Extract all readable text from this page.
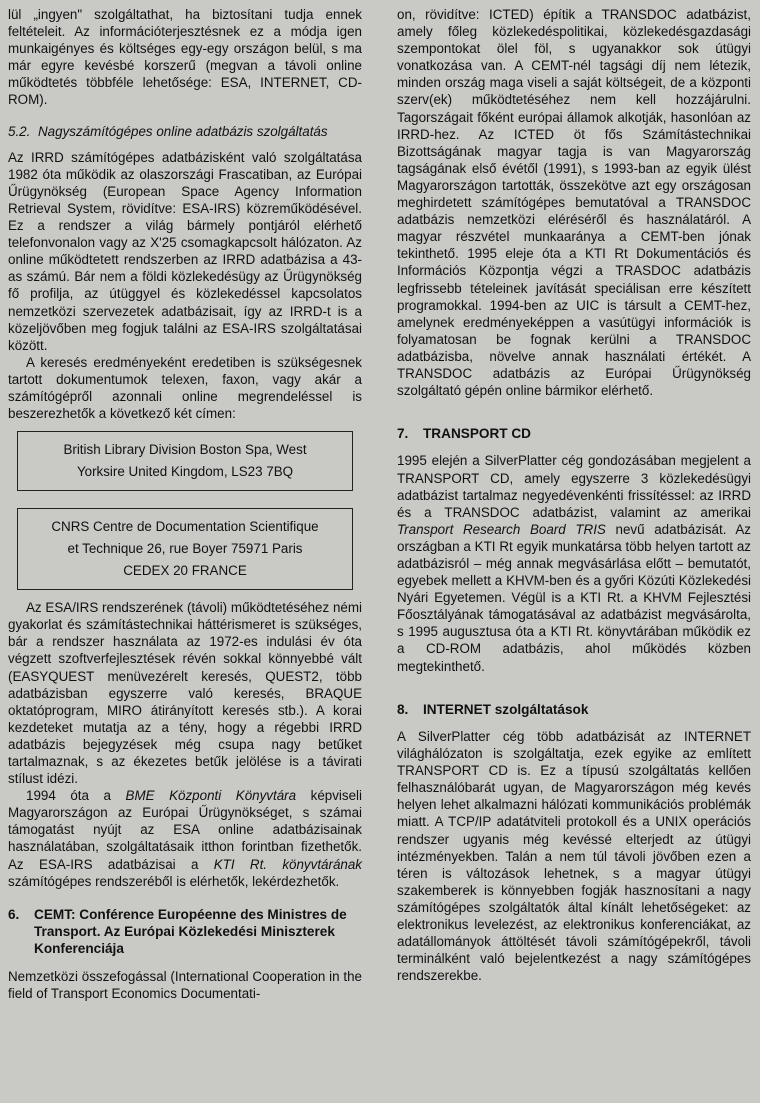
lül „ingyen" szolgáltathat, ha biztosítani tudja ennek feltételeit. Az információterjesztésnek ez a módja igen munkaigényes és költséges egy-egy országon belül, s ma már egyre kevésbé korszerű (megvan a távoli online működtetés többféle lehetősége: ESA, INTERNET, CD-ROM).

5.2. Nagyszámítógépes online adatbázis szolgáltatás

Az IRRD számítógépes adatbázisként való szolgáltatása 1982 óta működik az olaszországi Frascatiban, az Európai Űrügynökség (European Space Agency Information Retrieval System, rövidítve: ESA-IRS) közreműködésével. Ez a rendszer a világ bármely pontjáról elérhető telefonvonalon vagy az X'25 csomagkapcsolt hálózaton. Az online működtetett rendszerben az IRRD adatbázisa a 43-as számú. Bár nem a földi közlekedésügy az Űrügynökség fő profilja, az útüggyel és közlekedéssel kapcsolatos nemzetközi szervezetek adatbázisait, így az IRRD-t is a közeljövőben meg fogjuk találni az ESA-IRS szolgáltatásai között.

A keresés eredményeként eredetiben is szükségesnek tartott dokumentumok telexen, faxon, vagy akár a számítógépről azonnali online megrendeléssel is beszerezhetők a következő két címen:

British Library Division Boston Spa, West
Yorksire United Kingdom, LS23 7BQ
CNRS Centre de Documentation Scientifique
et Technique 26, rue Boyer 75971 Paris
CEDEX 20 FRANCE

Az ESA/IRS rendszerének (távoli) működtetéséhez némi gyakorlat és számítástechnikai háttérismeret is szükséges, bár a rendszer használata az 1972-es indulási év óta végzett szoftverfejlesztések révén sokkal könnyebbé vált (EASYQUEST menüvezérelt keresés, QUEST2, több adatbázisban egyszerre való keresés, BRAQUE oktatóprogram, MIRO átirányított keresés stb.). A korai kezdeteket mutatja az a tény, hogy a régebbi IRRD adatbázis bejegyzések még csupa nagy betűket tartalmaznak, s az ékezetes betűk jelölése is a távirati stílust idézi.

1994 óta a BME Központi Könyvtára képviseli Magyarországon az Európai Űrügynökséget, s számai támogatást nyújt az ESA online adatbázisainak használatában, szolgáltatásaik itthon forintban fizethetők. Az ESA-IRS adatbázisai a KTI Rt. könyvtárának számítógépes rendszeréből is elérhetők, lekérdezhetők.

6.	CEMT: Conférence Européenne des Ministres de Transport. Az Európai Közlekedési Miniszterek Konferenciája

Nemzetközi összefogással (International Cooperation in the field of Transport Economics Documentati-

on, rövidítve: ICTED) építik a TRANSDOC adatbázist, amely főleg közlekedéspolitikai, közlekedésgazdasági szempontokat ölel föl, s ugyanakkor sok útügyi vonatkozása van. A CEMT-nél tagsági díj nem létezik, minden ország maga viseli a saját költségeit, de a központi szerv(ek) működtetéséhez nem kell hozzájárulni. Tagországait főként európai államok alkotják, hasonlóan az IRRD-hez. Az ICTED öt fős Számítástechnikai Bizottságának magyar tagja is van Magyarország tagságának első évétől (1991), s 1993-ban az egyik ülést Magyarországon tartották, összekötve azt egy országosan meghirdetett számítógépes bemutatóval a TRANSDOC adatbázis nemzetközi eléréséről és használatáról. A magyar részvétel munkaaránya a CEMT-ben jónak tekinthető. 1995 eleje óta a KTI Rt Dokumentációs és Információs Központja végzi a TRASDOC adatbázis legfrissebb tételeinek javítását speciálisan erre készített programokkal. 1994-ben az UIC is társult a CEMT-hez, amelynek eredményeképpen a vasútügyi információk is folyamatosan be fognak kerülni a TRANSDOC adatbázisba, növelve annak használati értékét. A TRANSDOC adatbázis az Európai Űrügynökség szolgáltató gépén online bármikor elérhető.

7.	TRANSPORT CD

1995 elején a SilverPlatter cég gondozásában megjelent a TRANSPORT CD, amely egyszerre 3 közlekedésügyi adatbázist tartalmaz negyedévenkénti frissítéssel: az IRRD és a TRANSDOC adatbázist, valamint az amerikai Transport Research Board TRIS nevű adatbázisát. Az országban a KTI Rt egyik munkatársa több helyen tartott az adatbázisról – még annak megvásárlása előtt – bemutatót, egyebek mellett a KHVM-ben és a győri Közúti Közlekedési Nyári Egyetemen. Végül is a KTI Rt. a KHVM Fejlesztési Főosztályának támogatásával az adatbázist megvásárolta, s 1995 augusztusa óta a KTI Rt. könyvtárában működik ez a CD-ROM adatbázis, ahol működés közben megtekinthető.

8.	INTERNET szolgáltatások

A SilverPlatter cég több adatbázisát az INTERNET világhálózaton is szolgáltatja, ezek egyike az említett TRANSPORT CD is. Ez a típusú szolgáltatás kellően felhasználóbarát ugyan, de Magyarországon még kevés helyen lehet alkalmazni hálózati kommunikációs problémák miatt. A TCP/IP adatátviteli protokoll és a UNIX operációs rendszer ugyanis még kevéssé elterjedt az útügyi intézményekben. Talán a nem túl távoli jövőben ezen a téren is változások lehetnek, s a magyar útügyi szakemberek is könnyebben fogják hasznosítani a nagy számítógépes szolgáltatók által kínált lehetőségeket: az elektronikus levelezést, az elektronikus konferenciákat, az adatállományok áttöltését távoli számítógépekről, távoli terminálként való bejelentkezést a nagy számítógépes rendszerekbe.
